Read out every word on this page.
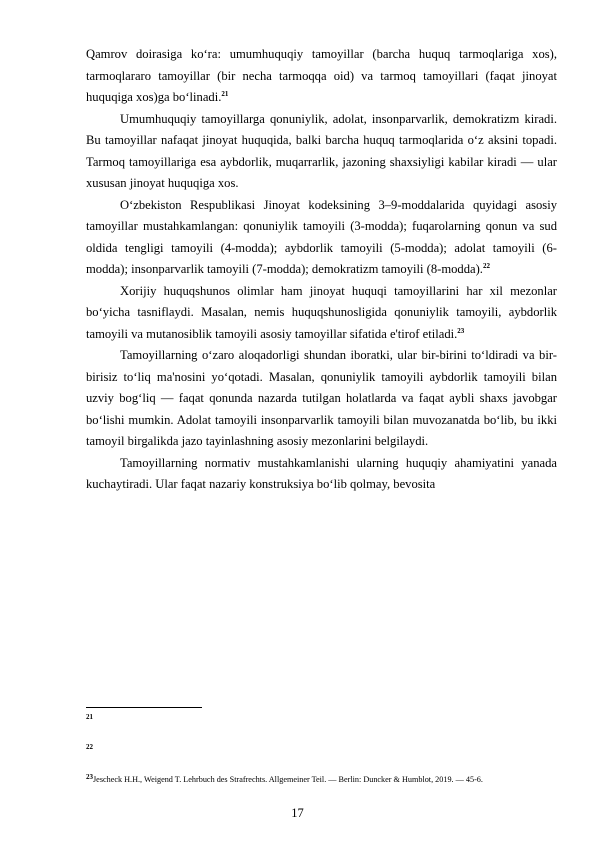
Qamrov doirasiga ko‘ra: umumhuquqiy tamoyillar (barcha huquq tarmoqlariga xos), tarmoqlararo tamoyillar (bir necha tarmoqqa oid) va tarmoq tamoyillari (faqat jinoyat huquqiga xos)ga bo‘linadi.$^{21}$

Umumhuquqiy tamoyillarga qonuniylik, adolat, insonparvarlik, demokratizm kiradi. Bu tamoyillar nafaqat jinoyat huquqida, balki barcha huquq tarmoqlarida o‘z aksini topadi. Tarmoq tamoyillariga esa aybdorlik, muqarrarlik, jazoning shaxsiyligi kabilar kiradi — ular xususan jinoyat huquqiga xos.

O‘zbekiston Respublikasi Jinoyat kodeksining 3–9-moddalarida quyidagi asosiy tamoyillar mustahkamlangan: qonuniylik tamoyili (3-modda); fuqarolarning qonun va sud oldida tengligi tamoyili (4-modda); aybdorlik tamoyili (5-modda); adolat tamoyili (6-modda); insonparvarlik tamoyili (7-modda); demokratizm tamoyili (8-modda).$^{22}$

Xorijiy huquqshunos olimlar ham jinoyat huquqi tamoyillarini har xil mezonlar bo‘yicha tasniflaydi. Masalan, nemis huquqshunosligida qonuniylik tamoyili, aybdorlik tamoyili va mutanosiblik tamoyili asosiy tamoyillar sifatida e'tirof etiladi.$^{23}$

Tamoyillarning o‘zaro aloqadorligi shundan iboratki, ular bir-birini to‘ldiradi va bir-birisiz to‘liq ma'nosini yo‘qotadi. Masalan, qonuniylik tamoyili aybdorlik tamoyili bilan uzviy bog‘liq — faqat qonunda nazarda tutilgan holatlarda va faqat aybli shaxs javobgar bo‘lishi mumkin. Adolat tamoyili insonparvarlik tamoyili bilan muvozanatda bo‘lib, bu ikki tamoyil birgalikda jazo tayinlashning asosiy mezonlarini belgilaydi.

Tamoyillarning normativ mustahkamlanishi ularning huquqiy ahamiyatini yanada kuchaytiradi. Ular faqat nazariy konstruksiya bo‘lib qolmay, bevosita

21
22
23Jescheck H.H., Weigend T. Lehrbuch des Strafrechts. Allgemeiner Teil. — Berlin: Duncker & Humblot, 2019. — 45-6.
17
